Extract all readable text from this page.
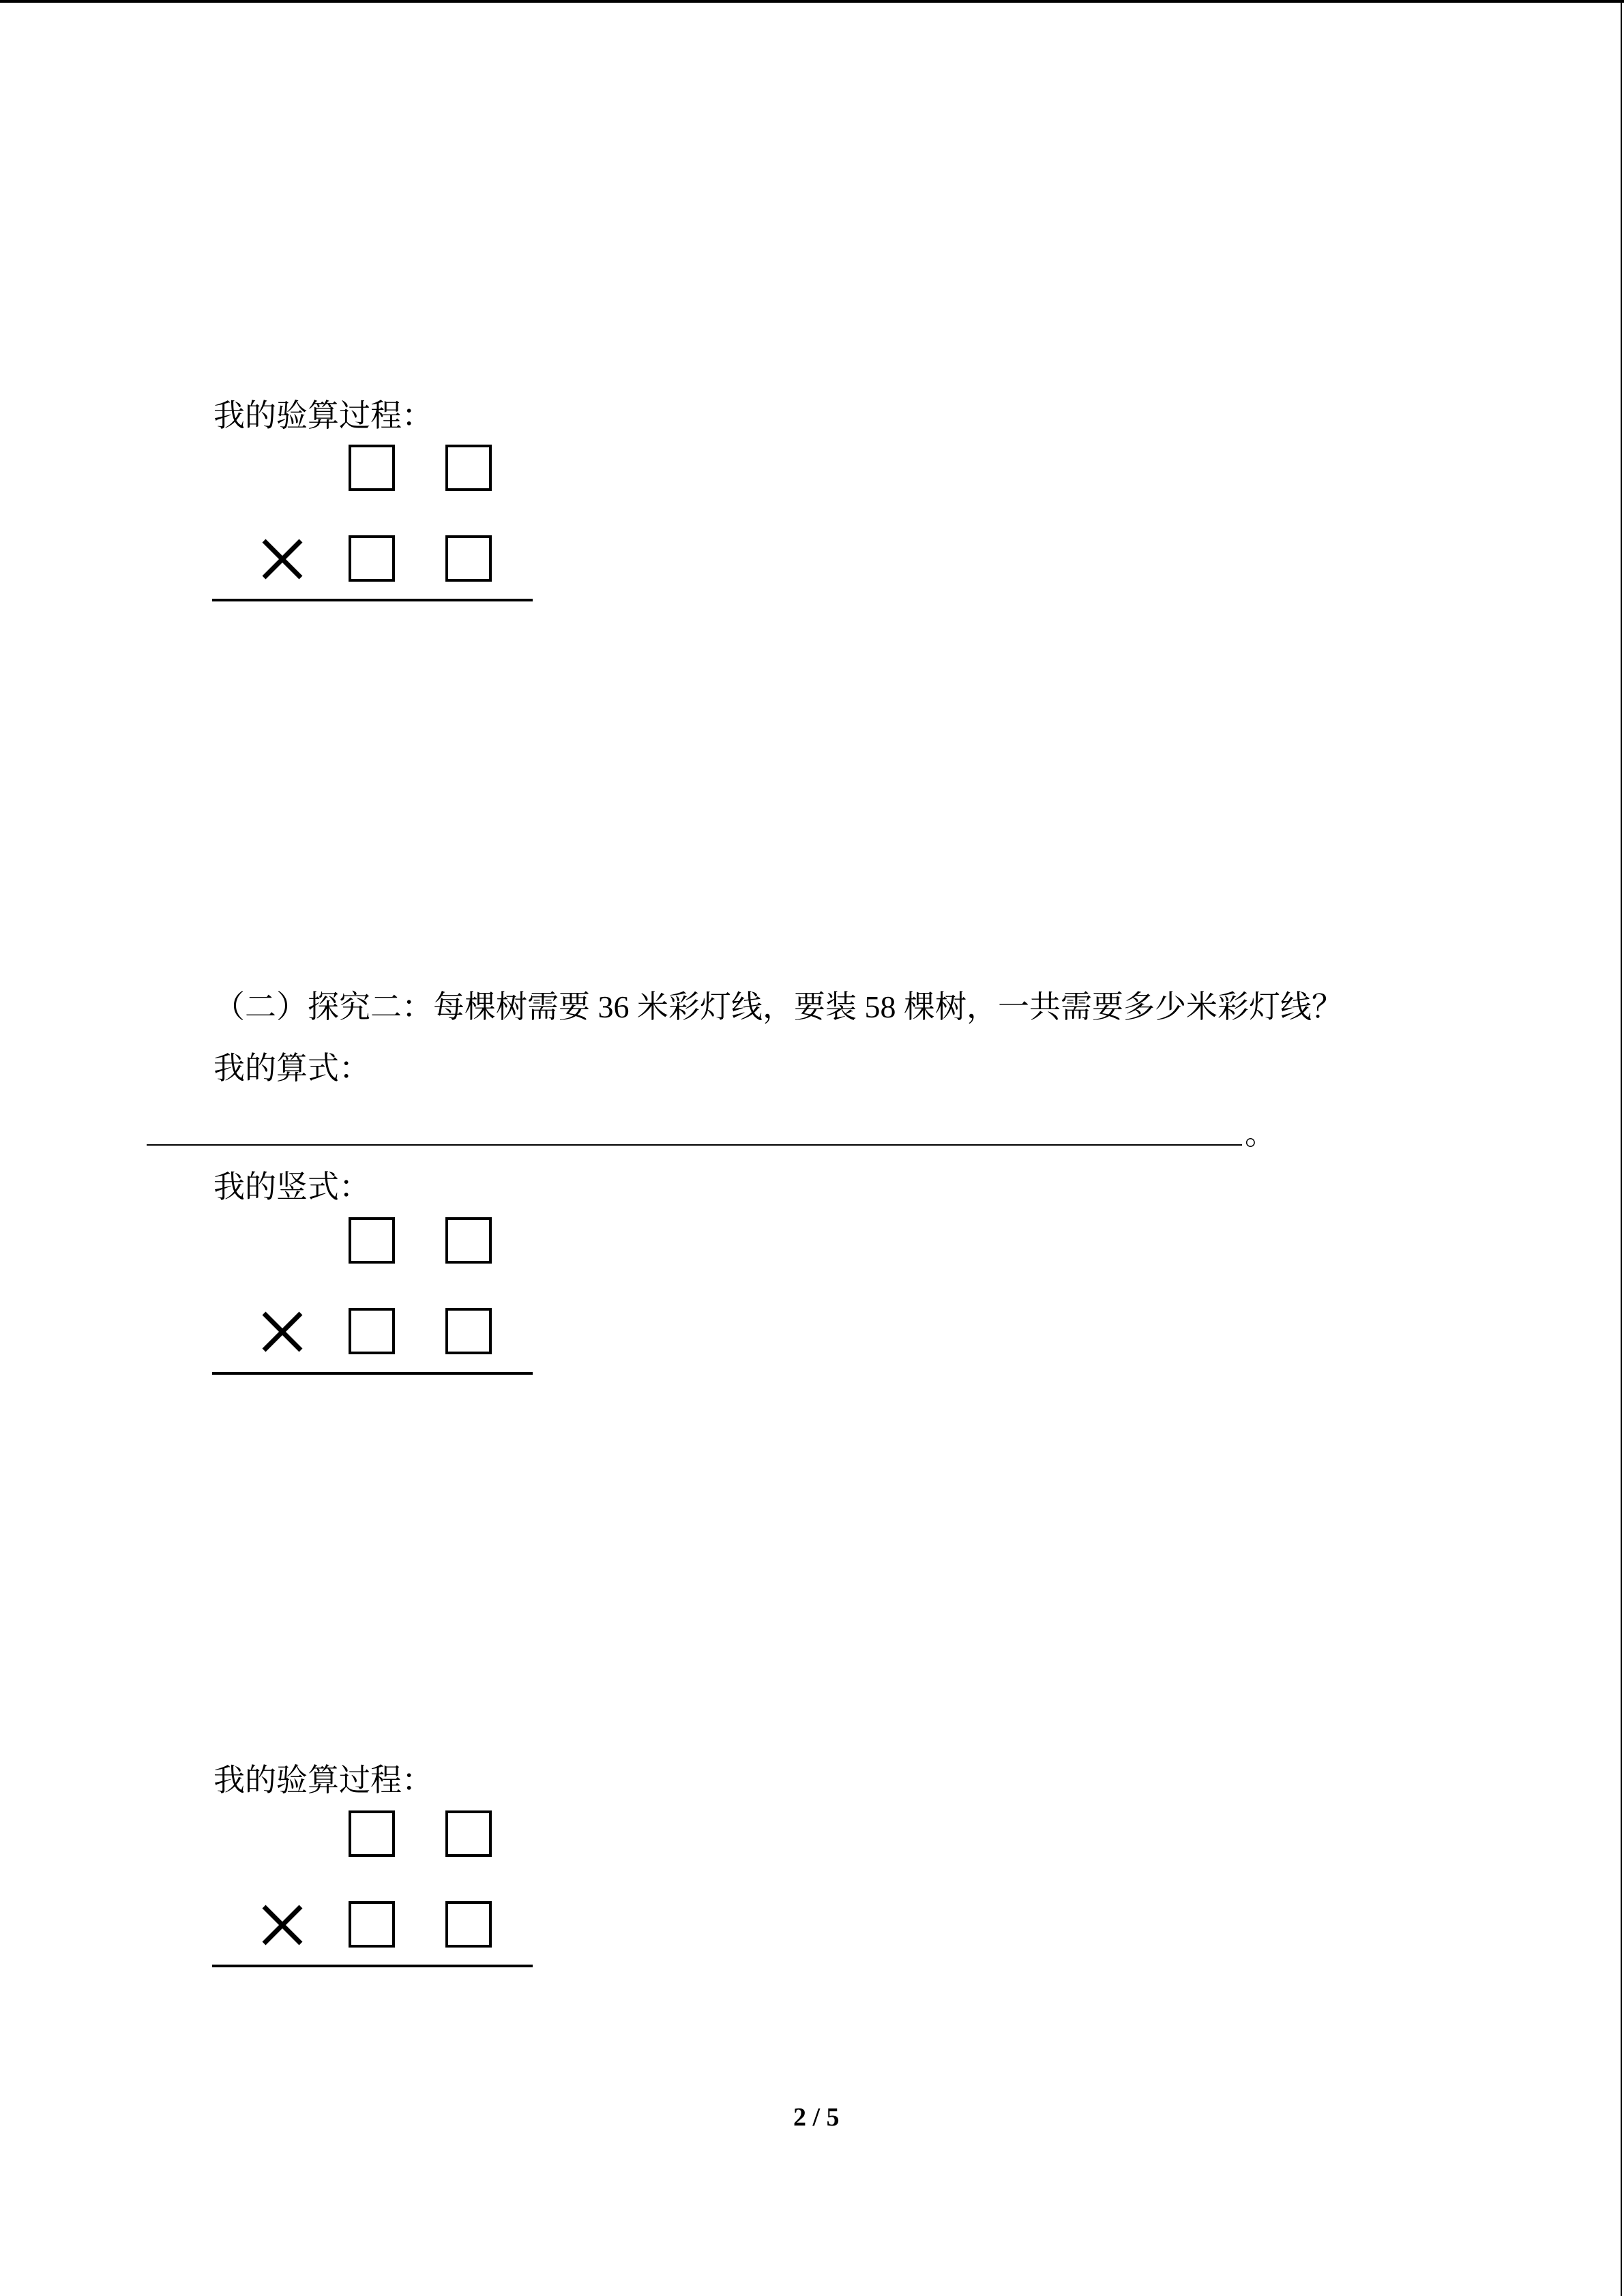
我的验算过程：
（二）探究二：每棵树需要 36 米彩灯线，要装 58 棵树，一共需要多少米彩灯线？
我的算式：
。
我的竖式：
我的验算过程：
2 / 5
